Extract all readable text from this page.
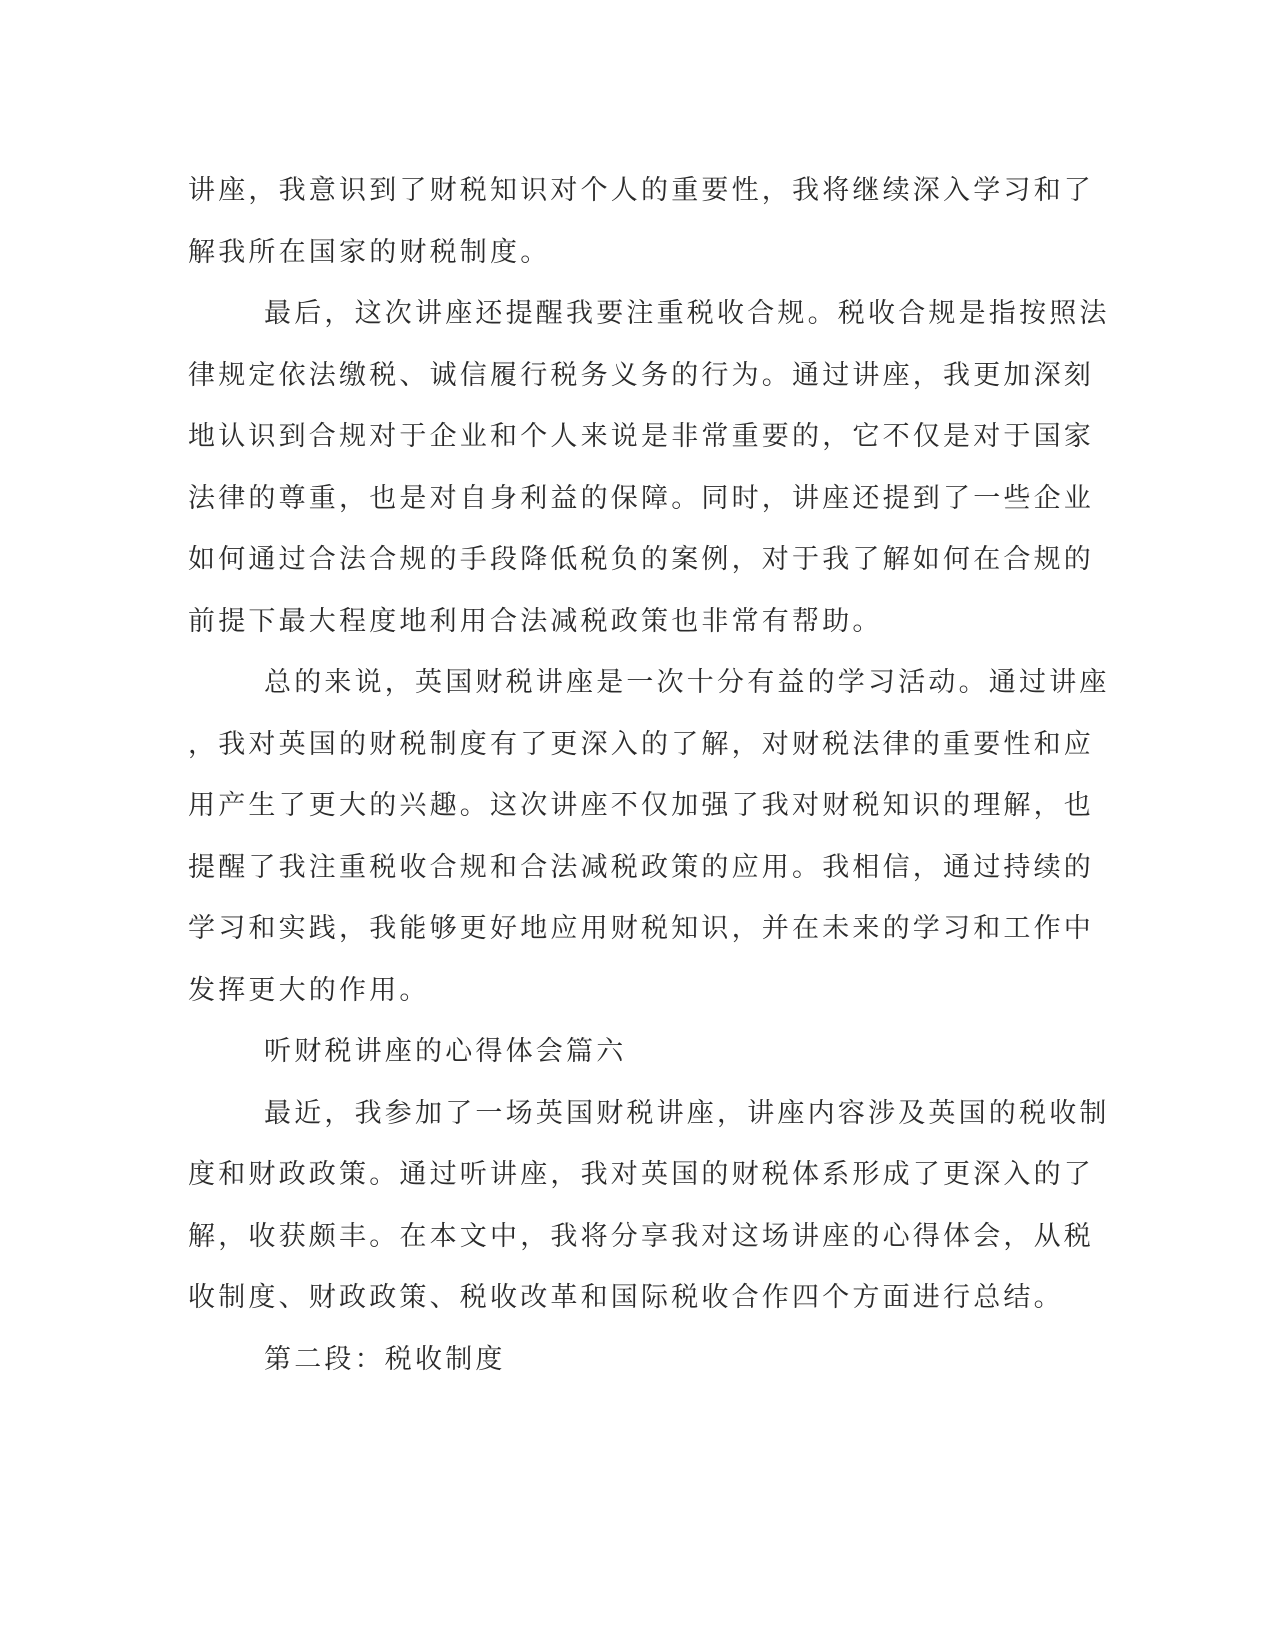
讲座，我意识到了财税知识对个人的重要性，我将继续深入学习和了
解我所在国家的财税制度。
最后，这次讲座还提醒我要注重税收合规。税收合规是指按照法
律规定依法缴税、诚信履行税务义务的行为。通过讲座，我更加深刻
地认识到合规对于企业和个人来说是非常重要的，它不仅是对于国家
法律的尊重，也是对自身利益的保障。同时，讲座还提到了一些企业
如何通过合法合规的手段降低税负的案例，对于我了解如何在合规的
前提下最大程度地利用合法减税政策也非常有帮助。
总的来说，英国财税讲座是一次十分有益的学习活动。通过讲座
，我对英国的财税制度有了更深入的了解，对财税法律的重要性和应
用产生了更大的兴趣。这次讲座不仅加强了我对财税知识的理解，也
提醒了我注重税收合规和合法减税政策的应用。我相信，通过持续的
学习和实践，我能够更好地应用财税知识，并在未来的学习和工作中
发挥更大的作用。
听财税讲座的心得体会篇六
最近，我参加了一场英国财税讲座，讲座内容涉及英国的税收制
度和财政政策。通过听讲座，我对英国的财税体系形成了更深入的了
解，收获颇丰。在本文中，我将分享我对这场讲座的心得体会，从税
收制度、财政政策、税收改革和国际税收合作四个方面进行总结。
第二段：税收制度
